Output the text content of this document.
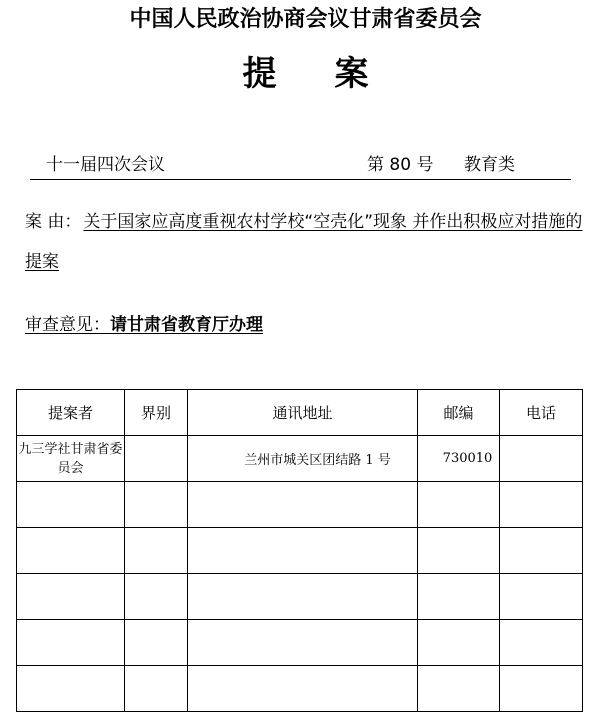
中国人民政治协商会议甘肃省委员会
提 案
十一届四次会议	第 80 号 教育类
案 由： 关于国家应高度重视农村学校“空壳化”现象 并作出积极应对措施的提案
审查意见：请甘肃省教育厅办理
提案者	界别	通讯地址	邮编	电话
九三学社甘肃省委员会		兰州市城关区团结路 1 号	730010	
